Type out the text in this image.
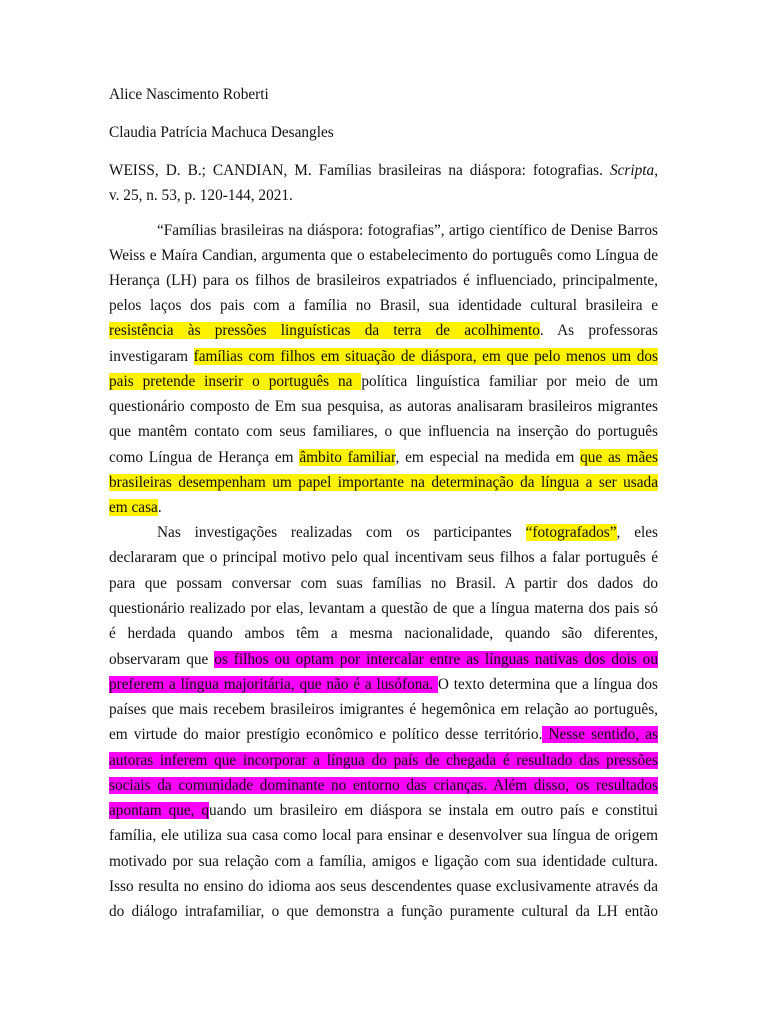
Alice Nascimento Roberti
Claudia Patrícia Machuca Desangles
WEISS, D. B.; CANDIAN, M. Famílias brasileiras na diáspora: fotografias. Scripta,
v. 25, n. 53, p. 120-144, 2021.
“Famílias brasileiras na diáspora: fotografias”, artigo científico de Denise Barros
Weiss e Maíra Candian, argumenta que o estabelecimento do português como Língua de
Herança (LH) para os filhos de brasileiros expatriados é influenciado, principalmente,
pelos laços dos pais com a família no Brasil, sua identidade cultural brasileira e
resistência às pressões linguísticas da terra de acolhimento. As professoras
investigaram famílias com filhos em situação de diáspora, em que pelo menos um dos
pais pretende inserir o português na política linguística familiar por meio de um
questionário composto de Em sua pesquisa, as autoras analisaram brasileiros migrantes
que mantêm contato com seus familiares, o que influencia na inserção do português
como Língua de Herança em âmbito familiar, em especial na medida em que as mães
brasileiras desempenham um papel importante na determinação da língua a ser usada
em casa.
Nas investigações realizadas com os participantes “fotografados”, eles
declararam que o principal motivo pelo qual incentivam seus filhos a falar português é
para que possam conversar com suas famílias no Brasil. A partir dos dados do
questionário realizado por elas, levantam a questão de que a língua materna dos pais só
é herdada quando ambos têm a mesma nacionalidade, quando são diferentes,
observaram que os filhos ou optam por intercalar entre as línguas nativas dos dois ou
preferem a língua majoritária, que não é a lusófona. O texto determina que a língua dos
países que mais recebem brasileiros imigrantes é hegemônica em relação ao português,
em virtude do maior prestígio econômico e político desse território. Nesse sentido, as
autoras inferem que incorporar a língua do país de chegada é resultado das pressões
sociais da comunidade dominante no entorno das crianças. Além disso, os resultados
apontam que, quando um brasileiro em diáspora se instala em outro país e constitui
família, ele utiliza sua casa como local para ensinar e desenvolver sua língua de origem
motivado por sua relação com a família, amigos e ligação com sua identidade cultura.
Isso resulta no ensino do idioma aos seus descendentes quase exclusivamente através da
do diálogo intrafamiliar, o que demonstra a função puramente cultural da LH então
